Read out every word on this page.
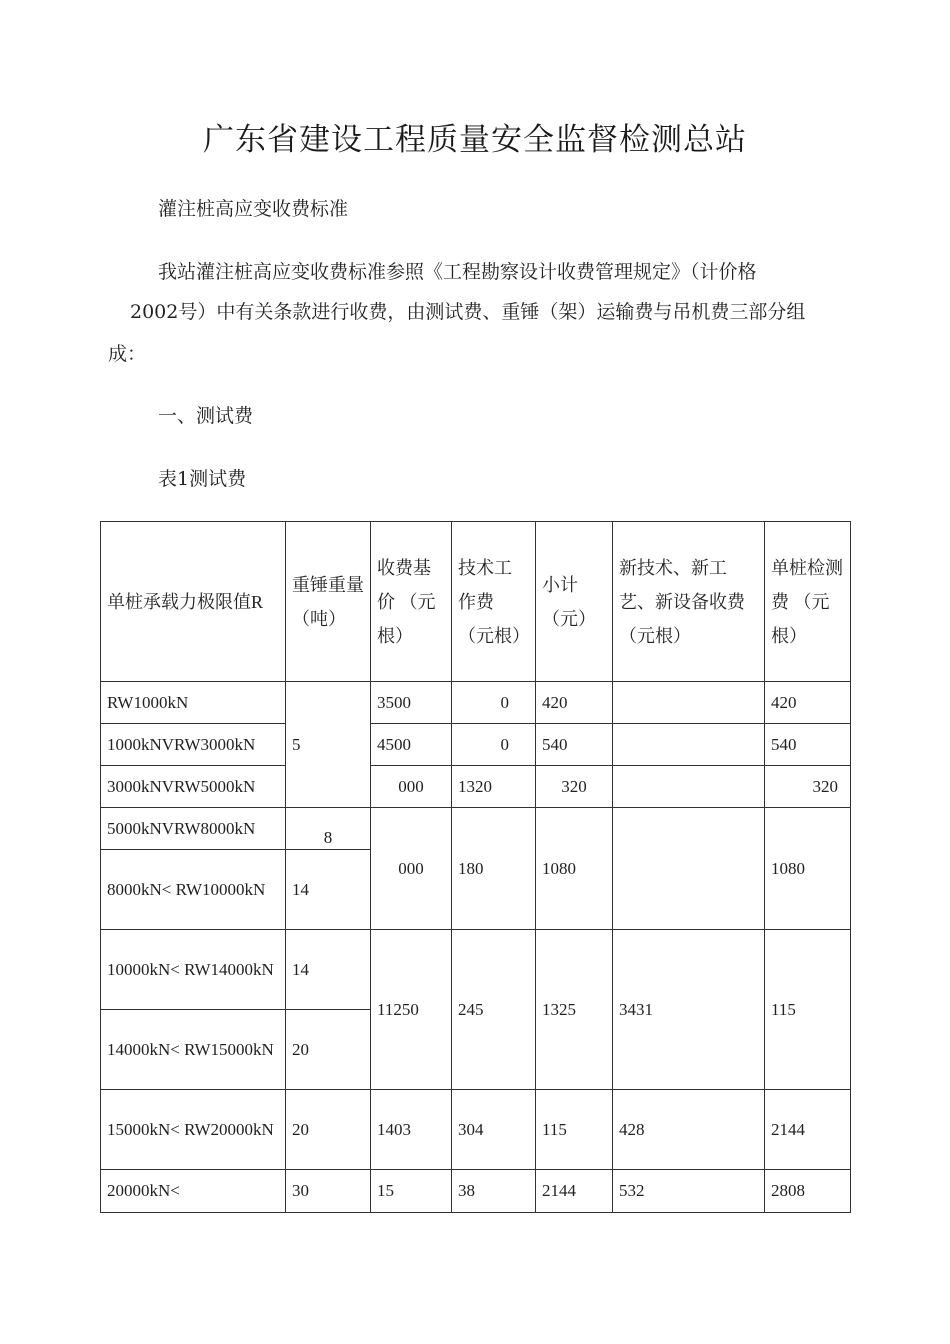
广东省建设工程质量安全监督检测总站
灌注桩高应变收费标准
我站灌注桩高应变收费标准参照《工程勘察设计收费管理规定》（计价格
2002号）中有关条款进行收费，由测试费、重锤（架）运输费与吊机费三部分组
成：
一、测试费
表1测试费
单桩承载力极限值R	重锤重量 （吨）	收费基价 （元根）	技术工作费 （元根）	小计 （元）	新技术、新工艺、新设备收费 （元根）	单桩检测 费 （元根）

RW1000kN	5	3500	0	420		420
1000kNVRW3000kN		4500	0	540		540
3000kNVRW5000kN		000	1320	320		320
5000kNVRW8000kN	8	000	180	1080		1080
8000kN< RW10000kN	14					
10000kN< RW14000kN	14	11250	245	1325	3431	115
14000kN< RW15000kN	20					
15000kN< RW20000kN	20	1403	304	115	428	2144
20000kN<	30	15	38	2144	532	2808
